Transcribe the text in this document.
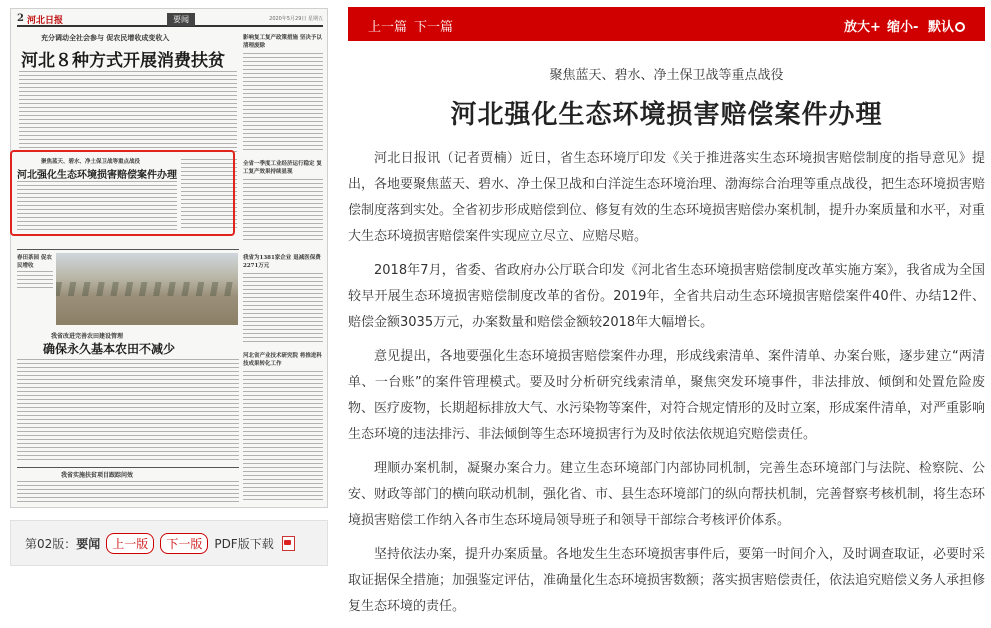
2 河北日报	要闻	2020年5月29日 星期五
充分调动全社会参与 促农民增收成变收入
河北８种方式开展消费扶贫
影响复工复产政策措施 坚决予以清理废除
聚焦蓝天、碧水、净土保卫战等重点战役
河北强化生态环境损害赔偿案件办理
全省一季度工业经济运行稳定 复工复产效果持续显现
春田茶园 促农民增收
我省为1381家企业 退减医保费2271万元
我省改进完善农田建设管理
确保永久基本农田不减少	河北省产业技术研究院 将推进科技成果转化工作
我省实施扶贫项目跟踪问效
第02版：要闻	上一版	下一版	PDF版下载
上一篇 下一篇	放大+ 缩小- 默认
聚焦蓝天、碧水、净土保卫战等重点战役
河北强化生态环境损害赔偿案件办理

河北日报讯（记者贾楠）近日，省生态环境厅印发《关于推进落实生态环境损害赔偿制度的指导意见》提出，各地要聚焦蓝天、碧水、净土保卫战和白洋淀生态环境治理、渤海综合治理等重点战役，把生态环境损害赔偿制度落到实处。全省初步形成赔偿到位、修复有效的生态环境损害赔偿办案机制，提升办案质量和水平，对重大生态环境损害赔偿案件实现应立尽立、应赔尽赔。

2018年7月，省委、省政府办公厅联合印发《河北省生态环境损害赔偿制度改革实施方案》，我省成为全国较早开展生态环境损害赔偿制度改革的省份。2019年，全省共启动生态环境损害赔偿案件40件、办结12件、赔偿金额3035万元，办案数量和赔偿金额较2018年大幅增长。

意见提出，各地要强化生态环境损害赔偿案件办理，形成线索清单、案件清单、办案台账，逐步建立“两清单、一台账”的案件管理模式。要及时分析研究线索清单，聚焦突发环境事件，非法排放、倾倒和处置危险废物、医疗废物，长期超标排放大气、水污染物等案件，对符合规定情形的及时立案，形成案件清单，对严重影响生态环境的违法排污、非法倾倒等生态环境损害行为及时依法依规追究赔偿责任。

理顺办案机制，凝聚办案合力。建立生态环境部门内部协同机制，完善生态环境部门与法院、检察院、公安、财政等部门的横向联动机制，强化省、市、县生态环境部门的纵向帮扶机制，完善督察考核机制，将生态环境损害赔偿工作纳入各市生态环境局领导班子和领导干部综合考核评价体系。

坚持依法办案，提升办案质量。各地发生生态环境损害事件后，要第一时间介入，及时调查取证，必要时采取证据保全措施；加强鉴定评估，准确量化生态环境损害数额；落实损害赔偿责任，依法追究赔偿义务人承担修复生态环境的责任。
